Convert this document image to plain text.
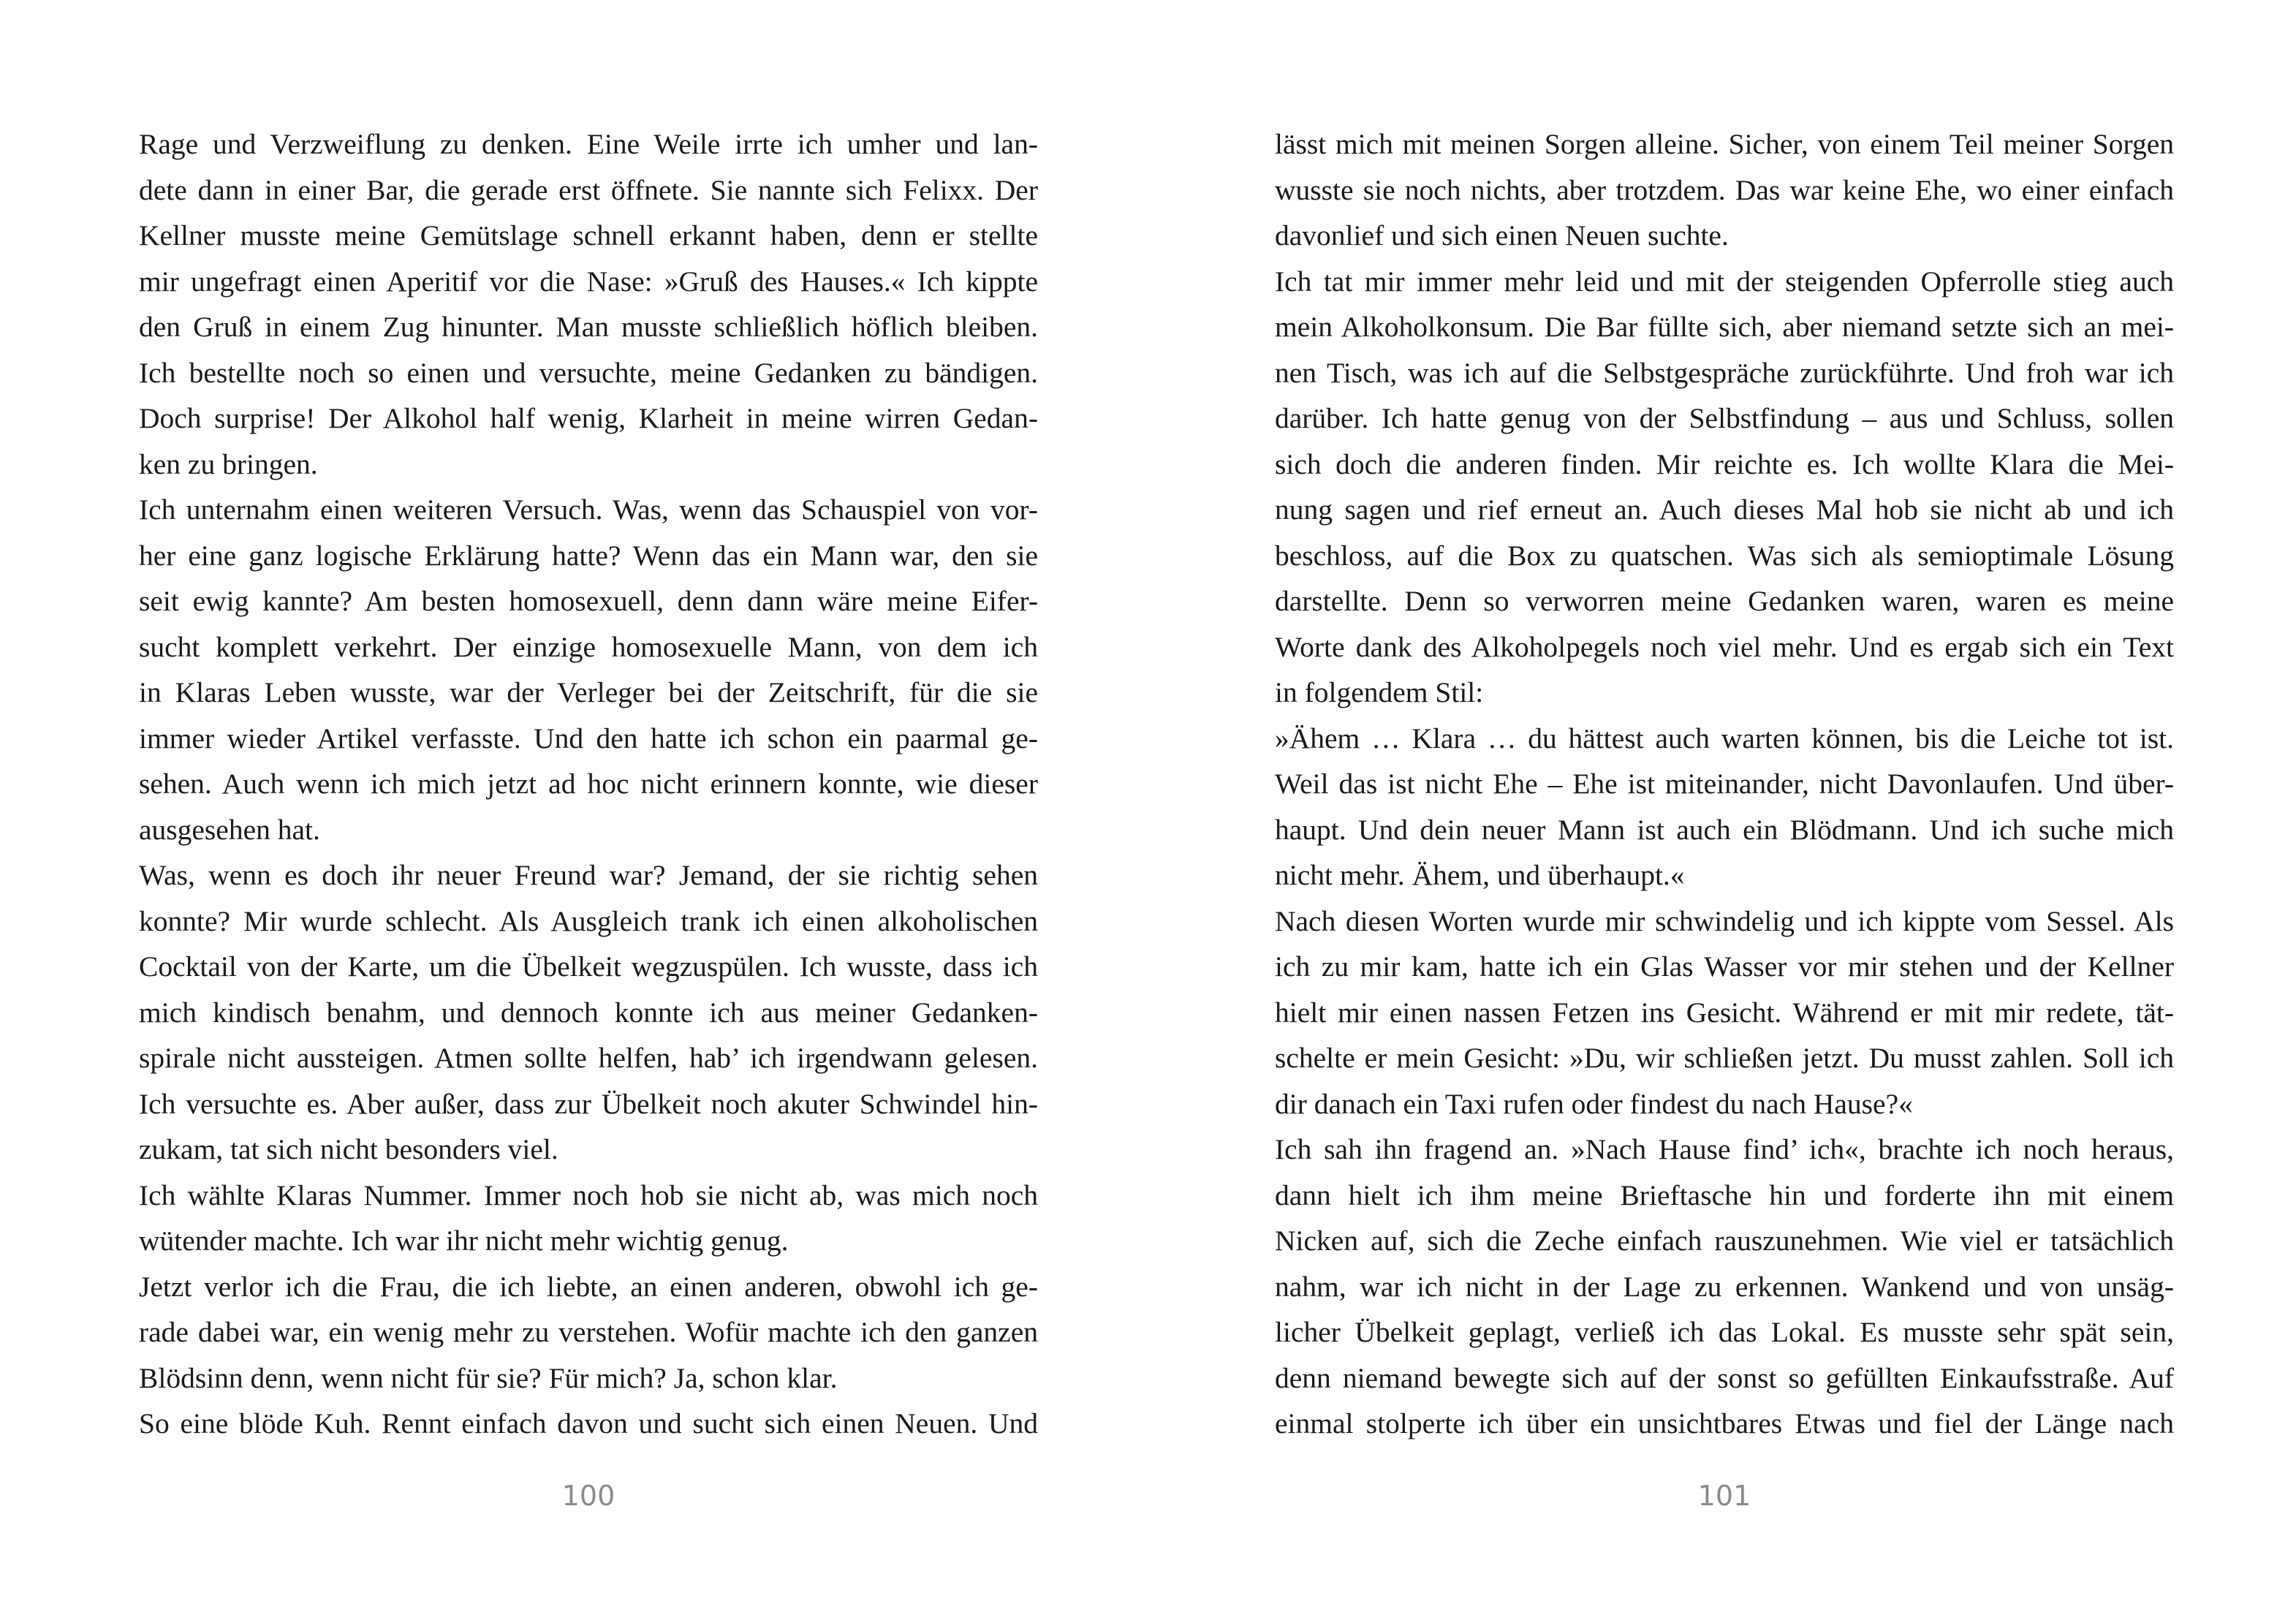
Rage und Verzweiflung zu denken. Eine Weile irrte ich umher und lan-
dete dann in einer Bar, die gerade erst öffnete. Sie nannte sich Felixx. Der
Kellner musste meine Gemütslage schnell erkannt haben, denn er stellte
mir ungefragt einen Aperitif vor die Nase: »Gruß des Hauses.« Ich kippte
den Gruß in einem Zug hinunter. Man musste schließlich höflich bleiben.
Ich bestellte noch so einen und versuchte, meine Gedanken zu bändigen.
Doch surprise! Der Alkohol half wenig, Klarheit in meine wirren Gedan-
ken zu bringen.
Ich unternahm einen weiteren Versuch. Was, wenn das Schauspiel von vor-
her eine ganz logische Erklärung hatte? Wenn das ein Mann war, den sie
seit ewig kannte? Am besten homosexuell, denn dann wäre meine Eifer-
sucht komplett verkehrt. Der einzige homosexuelle Mann, von dem ich
in Klaras Leben wusste, war der Verleger bei der Zeitschrift, für die sie
immer wieder Artikel verfasste. Und den hatte ich schon ein paarmal ge-
sehen. Auch wenn ich mich jetzt ad hoc nicht erinnern konnte, wie dieser
ausgesehen hat.
Was, wenn es doch ihr neuer Freund war? Jemand, der sie richtig sehen
konnte? Mir wurde schlecht. Als Ausgleich trank ich einen alkoholischen
Cocktail von der Karte, um die Übelkeit wegzuspülen. Ich wusste, dass ich
mich kindisch benahm, und dennoch konnte ich aus meiner Gedanken-
spirale nicht aussteigen. Atmen sollte helfen, hab’ ich irgendwann gelesen.
Ich versuchte es. Aber außer, dass zur Übelkeit noch akuter Schwindel hin-
zukam, tat sich nicht besonders viel.
Ich wählte Klaras Nummer. Immer noch hob sie nicht ab, was mich noch
wütender machte. Ich war ihr nicht mehr wichtig genug.
Jetzt verlor ich die Frau, die ich liebte, an einen anderen, obwohl ich ge-
rade dabei war, ein wenig mehr zu verstehen. Wofür machte ich den ganzen
Blödsinn denn, wenn nicht für sie? Für mich? Ja, schon klar.
So eine blöde Kuh. Rennt einfach davon und sucht sich einen Neuen. Und
100
lässt mich mit meinen Sorgen alleine. Sicher, von einem Teil meiner Sorgen
wusste sie noch nichts, aber trotzdem. Das war keine Ehe, wo einer einfach
davonlief und sich einen Neuen suchte.
Ich tat mir immer mehr leid und mit der steigenden Opferrolle stieg auch
mein Alkoholkonsum. Die Bar füllte sich, aber niemand setzte sich an mei-
nen Tisch, was ich auf die Selbstgespräche zurückführte. Und froh war ich
darüber. Ich hatte genug von der Selbstfindung – aus und Schluss, sollen
sich doch die anderen finden. Mir reichte es. Ich wollte Klara die Mei-
nung sagen und rief erneut an. Auch dieses Mal hob sie nicht ab und ich
beschloss, auf die Box zu quatschen. Was sich als semioptimale Lösung
darstellte. Denn so verworren meine Gedanken waren, waren es meine
Worte dank des Alkoholpegels noch viel mehr. Und es ergab sich ein Text
in folgendem Stil:
»Ähem … Klara … du hättest auch warten können, bis die Leiche tot ist.
Weil das ist nicht Ehe – Ehe ist miteinander, nicht Davonlaufen. Und über-
haupt. Und dein neuer Mann ist auch ein Blödmann. Und ich suche mich
nicht mehr. Ähem, und überhaupt.«
Nach diesen Worten wurde mir schwindelig und ich kippte vom Sessel. Als
ich zu mir kam, hatte ich ein Glas Wasser vor mir stehen und der Kellner
hielt mir einen nassen Fetzen ins Gesicht. Während er mit mir redete, tät-
schelte er mein Gesicht: »Du, wir schließen jetzt. Du musst zahlen. Soll ich
dir danach ein Taxi rufen oder findest du nach Hause?«
Ich sah ihn fragend an. »Nach Hause find’ ich«, brachte ich noch heraus,
dann hielt ich ihm meine Brieftasche hin und forderte ihn mit einem
Nicken auf, sich die Zeche einfach rauszunehmen. Wie viel er tatsächlich
nahm, war ich nicht in der Lage zu erkennen. Wankend und von unsäg-
licher Übelkeit geplagt, verließ ich das Lokal. Es musste sehr spät sein,
denn niemand bewegte sich auf der sonst so gefüllten Einkaufsstraße. Auf
einmal stolperte ich über ein unsichtbares Etwas und fiel der Länge nach
101
